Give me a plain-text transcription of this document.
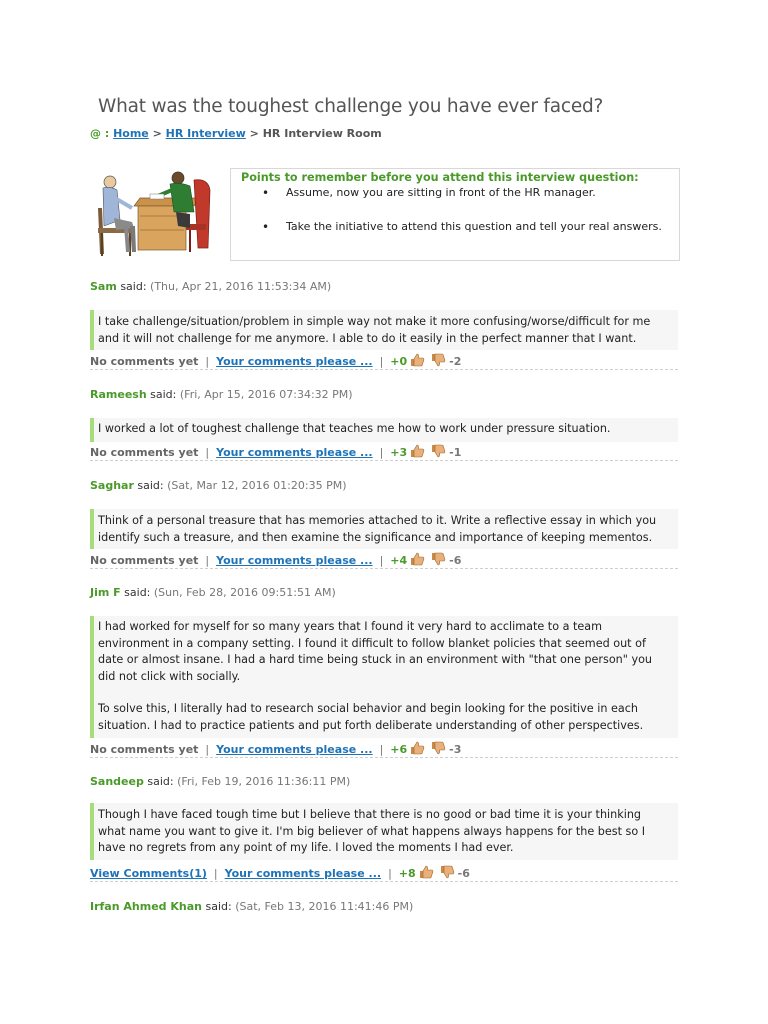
What was the toughest challenge you have ever faced?
@ : Home > HR Interview > HR Interview Room
Points to remember before you attend this interview question:
• Assume, now you are sitting in front of the HR manager.
• Take the initiative to attend this question and tell your real answers.
Sam said: (Thu, Apr 21, 2016 11:53:34 AM)
I take challenge/situation/problem in simple way not make it more confusing/worse/difficult for me and it will not challenge for me anymore. I able to do it easily in the perfect manner that I want.
No comments yet | Your comments please ... | +0	-2
Rameesh said: (Fri, Apr 15, 2016 07:34:32 PM)
I worked a lot of toughest challenge that teaches me how to work under pressure situation.
No comments yet | Your comments please ... | +3	-1
Saghar said: (Sat, Mar 12, 2016 01:20:35 PM)
Think of a personal treasure that has memories attached to it. Write a reflective essay in which you identify such a treasure, and then examine the significance and importance of keeping mementos.
No comments yet | Your comments please ... | +4	-6
Jim F said: (Sun, Feb 28, 2016 09:51:51 AM)
I had worked for myself for so many years that I found it very hard to acclimate to a team environment in a company setting. I found it difficult to follow blanket policies that seemed out of date or almost insane. I had a hard time being stuck in an environment with "that one person" you did not click with socially.
To solve this, I literally had to research social behavior and begin looking for the positive in each situation. I had to practice patients and put forth deliberate understanding of other perspectives.
No comments yet | Your comments please ... | +6	-3
Sandeep said: (Fri, Feb 19, 2016 11:36:11 PM)
Though I have faced tough time but I believe that there is no good or bad time it is your thinking what name you want to give it. I'm big believer of what happens always happens for the best so I have no regrets from any point of my life. I loved the moments I had ever.
View Comments(1) | Your comments please ... | +8	-6
Irfan Ahmed Khan said: (Sat, Feb 13, 2016 11:41:46 PM)
